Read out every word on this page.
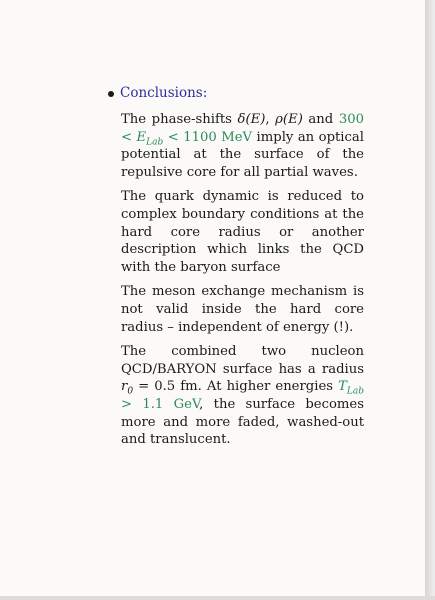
Conclusions:
The phase-shifts δ(E), ρ(E) and $300 < E_{Lab} < 1100$ MeV imply an optical potential at the surface of the repulsive core for all partial waves.
The quark dynamic is reduced to complex boundary conditions at the hard core radius or another description which links the QCD with the baryon surface
The meson exchange mechanism is not valid inside the hard core radius – independent of energy (!).
The combined two nucleon QCD/BARYON surface has a radius $r_0 = 0.5$ fm. At higher energies $T_{Lab} > 1.1$ GeV, the surface becomes more and more faded, washed-out and translucent.
